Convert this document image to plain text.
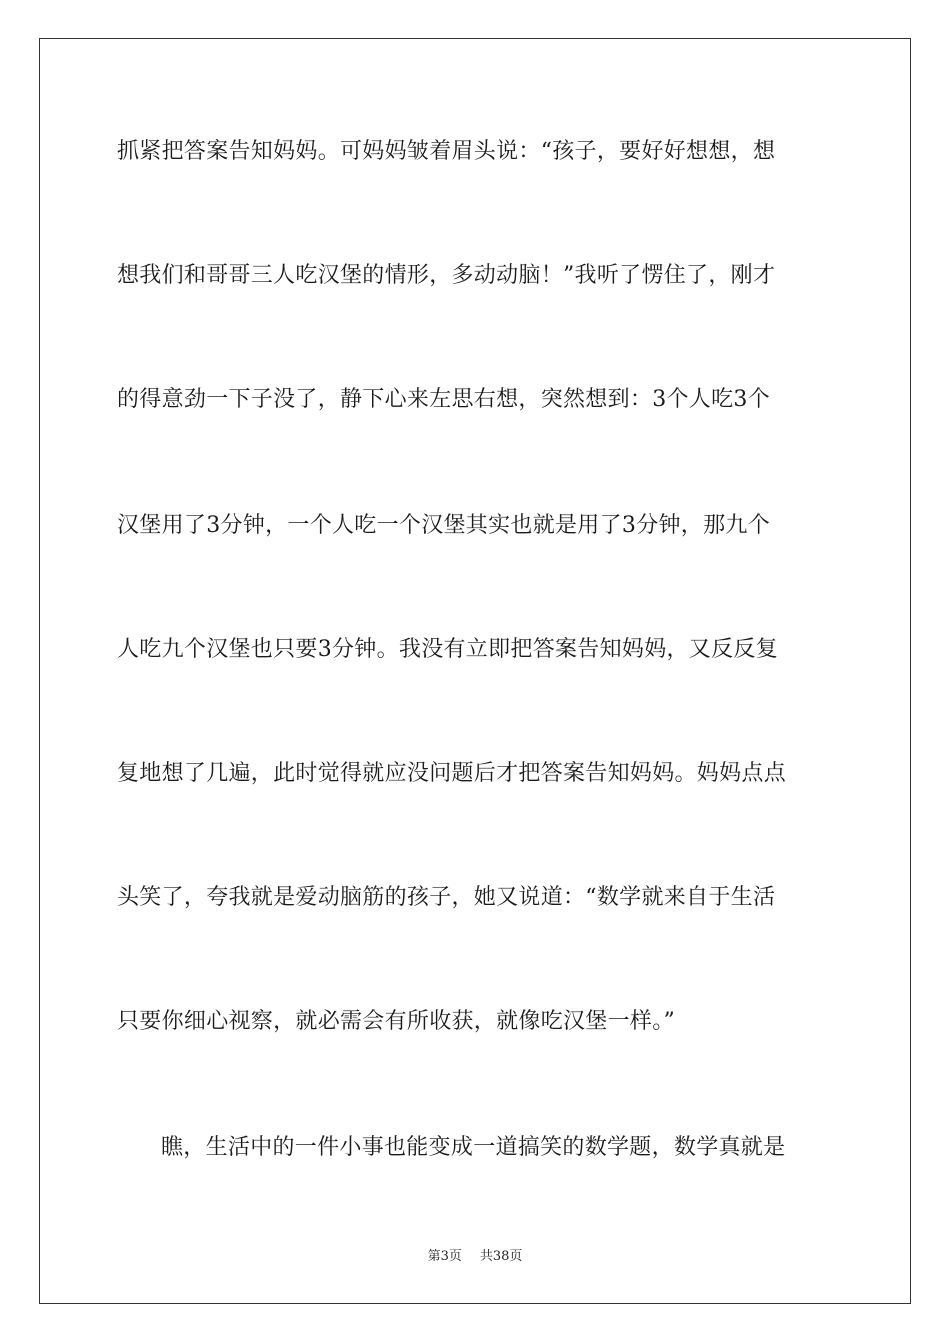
抓紧把答案告知妈妈。可妈妈皱着眉头说：“孩子，要好好想想，想
想我们和哥哥三人吃汉堡的情形，多动动脑！”我听了愣住了，刚才
的得意劲一下子没了，静下心来左思右想，突然想到：3个人吃3个
汉堡用了3分钟，一个人吃一个汉堡其实也就是用了3分钟，那九个
人吃九个汉堡也只要3分钟。我没有立即把答案告知妈妈，又反反复
复地想了几遍，此时觉得就应没问题后才把答案告知妈妈。妈妈点点
头笑了，夸我就是爱动脑筋的孩子，她又说道：“数学就来自于生活
只要你细心视察，就必需会有所收获，就像吃汉堡一样。”
瞧，生活中的一件小事也能变成一道搞笑的数学题，数学真就是
第3页 共38页
